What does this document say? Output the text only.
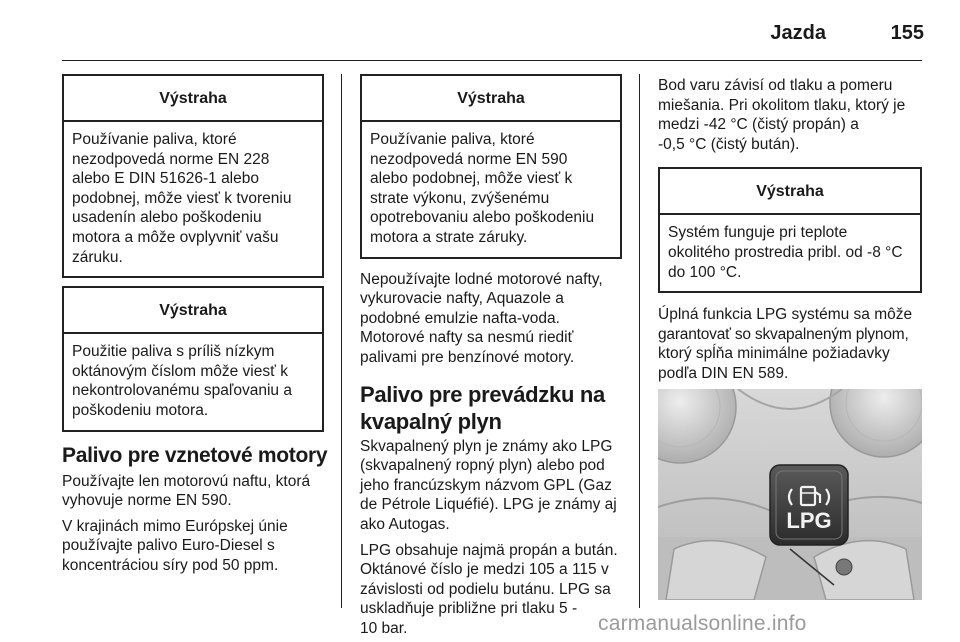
Jazda	155
Výstraha
Používanie paliva, ktoré
nezodpovedá norme EN 228
alebo E DIN 51626-1 alebo
podobnej, môže viesť k tvoreniu
usadenín alebo poškodeniu
motora a môže ovplyvniť vašu
záruku.
Výstraha
Použitie paliva s príliš nízkym
oktánovým číslom môže viesť k
nekontrolovanému spaľovaniu a
poškodeniu motora.
Palivo pre vznetové motory
Používajte len motorovú naftu, ktorá
vyhovuje norme EN 590.
V krajinách mimo Európskej únie
používajte palivo Euro-Diesel s
koncentráciou síry pod 50 ppm.
Výstraha
Používanie paliva, ktoré
nezodpovedá norme EN 590
alebo podobnej, môže viesť k
strate výkonu, zvýšenému
opotrebovaniu alebo poškodeniu
motora a strate záruky.
Nepoužívajte lodné motorové nafty,
vykurovacie nafty, Aquazole a
podobné emulzie nafta-voda.
Motorové nafty sa nesmú riediť
palivami pre benzínové motory.
Palivo pre prevádzku na
kvapalný plyn
Skvapalnený plyn je známy ako LPG
(skvapalnený ropný plyn) alebo pod
jeho francúzskym názvom GPL (Gaz
de Pétrole Liquéfié). LPG je známy aj
ako Autogas.
LPG obsahuje najmä propán a bután.
Oktánové číslo je medzi 105 a 115 v
závislosti od podielu butánu. LPG sa
uskladňuje približne pri tlaku 5 -
10 bar.
Bod varu závisí od tlaku a pomeru
miešania. Pri okolitom tlaku, ktorý je
medzi -42 °C (čistý propán) a
-0,5 °C (čistý bután).
Výstraha
Systém funguje pri teplote
okolitého prostredia pribl. od -8 °C
do 100 °C.
Úplná funkcia LPG systému sa môže
garantovať so skvapalneným plynom,
ktorý spĺňa minimálne požiadavky
podľa DIN EN 589.
LPG
carmanualsonline.info
